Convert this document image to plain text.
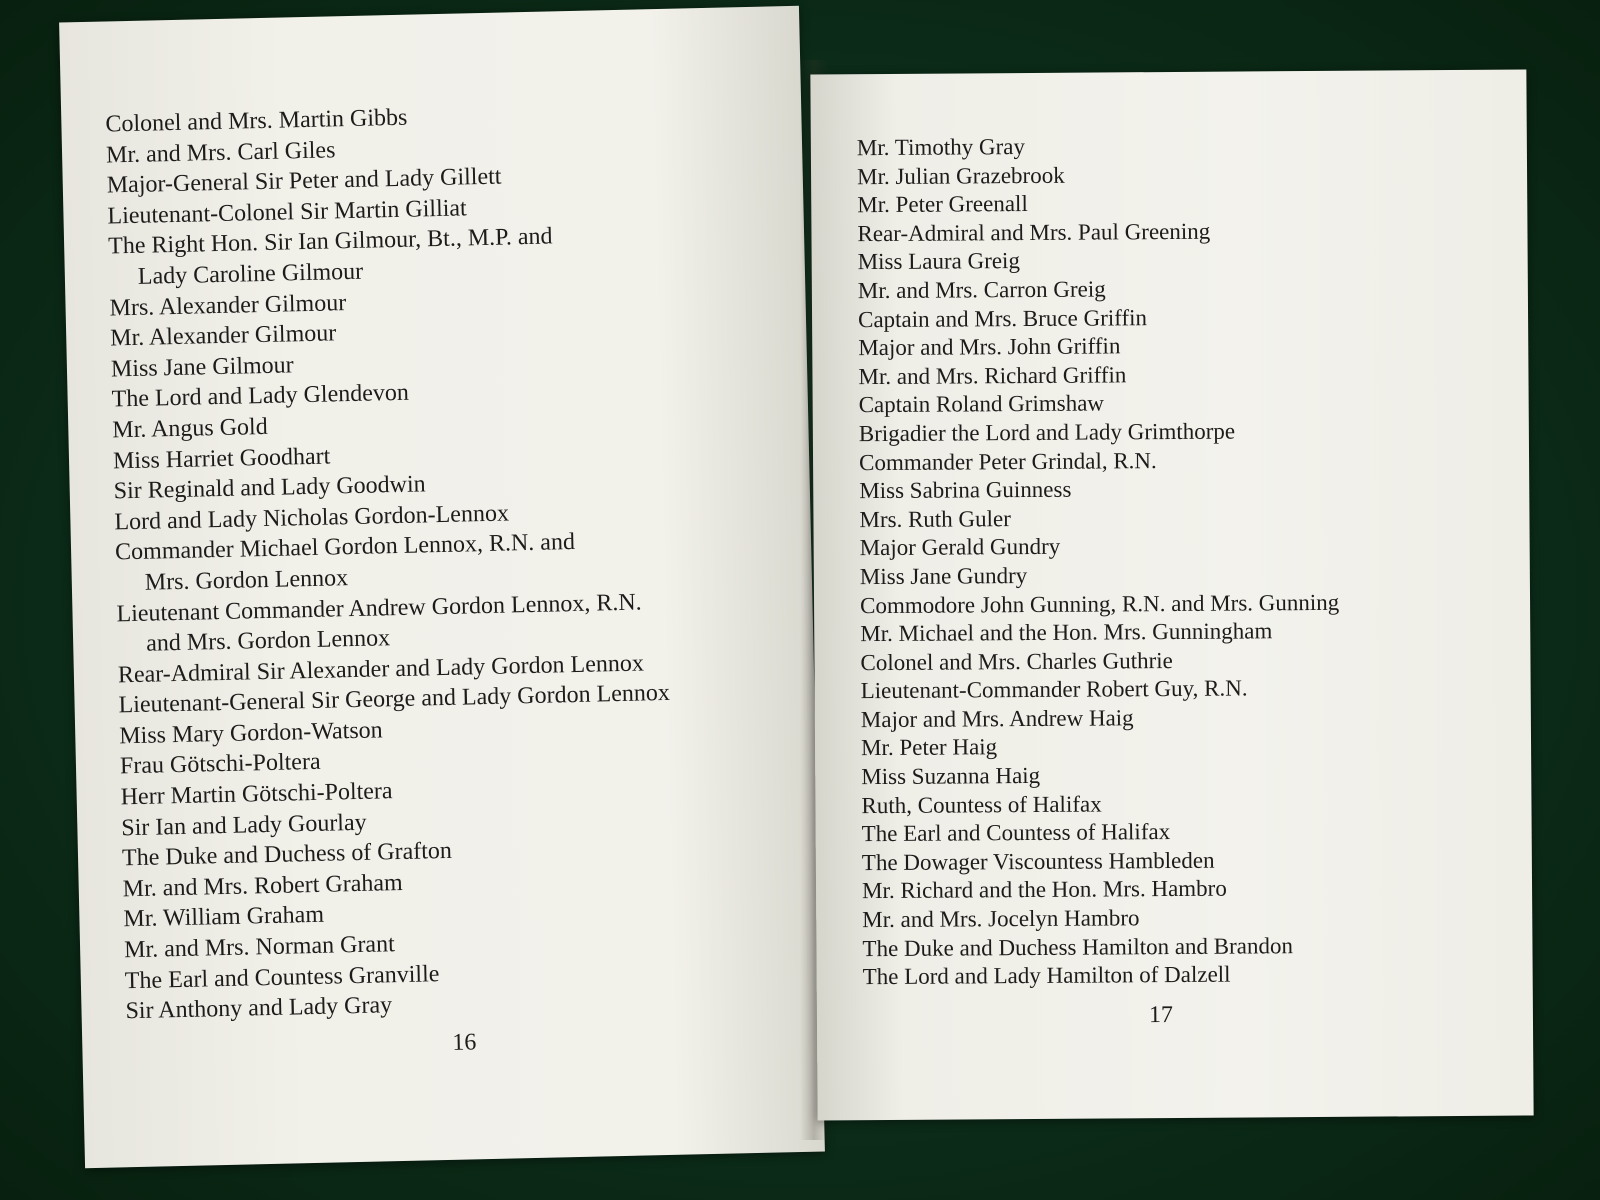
Colonel and Mrs. Martin Gibbs
Mr. and Mrs. Carl Giles
Major-General Sir Peter and Lady Gillett
Lieutenant-Colonel Sir Martin Gilliat
The Right Hon. Sir Ian Gilmour, Bt., M.P. and
Lady Caroline Gilmour
Mrs. Alexander Gilmour
Mr. Alexander Gilmour
Miss Jane Gilmour
The Lord and Lady Glendevon
Mr. Angus Gold
Miss Harriet Goodhart
Sir Reginald and Lady Goodwin
Lord and Lady Nicholas Gordon-Lennox
Commander Michael Gordon Lennox, R.N. and
Mrs. Gordon Lennox
Lieutenant Commander Andrew Gordon Lennox, R.N.
and Mrs. Gordon Lennox
Rear-Admiral Sir Alexander and Lady Gordon Lennox
Lieutenant-General Sir George and Lady Gordon Lennox
Miss Mary Gordon-Watson
Frau Götschi-Poltera
Herr Martin Götschi-Poltera
Sir Ian and Lady Gourlay
The Duke and Duchess of Grafton
Mr. and Mrs. Robert Graham
Mr. William Graham
Mr. and Mrs. Norman Grant
The Earl and Countess Granville
Sir Anthony and Lady Gray
16
Mr. Timothy Gray
Mr. Julian Grazebrook
Mr. Peter Greenall
Rear-Admiral and Mrs. Paul Greening
Miss Laura Greig
Mr. and Mrs. Carron Greig
Captain and Mrs. Bruce Griffin
Major and Mrs. John Griffin
Mr. and Mrs. Richard Griffin
Captain Roland Grimshaw
Brigadier the Lord and Lady Grimthorpe
Commander Peter Grindal, R.N.
Miss Sabrina Guinness
Mrs. Ruth Guler
Major Gerald Gundry
Miss Jane Gundry
Commodore John Gunning, R.N. and Mrs. Gunning
Mr. Michael and the Hon. Mrs. Gunningham
Colonel and Mrs. Charles Guthrie
Lieutenant-Commander Robert Guy, R.N.
Major and Mrs. Andrew Haig
Mr. Peter Haig
Miss Suzanna Haig
Ruth, Countess of Halifax
The Earl and Countess of Halifax
The Dowager Viscountess Hambleden
Mr. Richard and the Hon. Mrs. Hambro
Mr. and Mrs. Jocelyn Hambro
The Duke and Duchess Hamilton and Brandon
The Lord and Lady Hamilton of Dalzell
17
